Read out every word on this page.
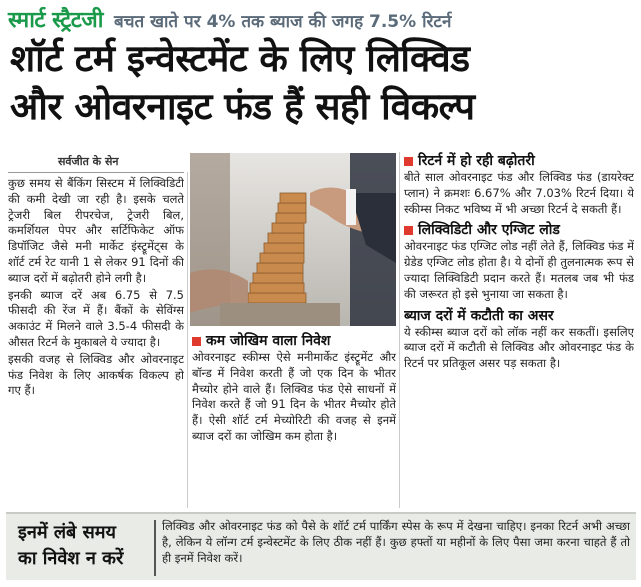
स्मार्ट स्ट्रैटजी बचत खाते पर 4% तक ब्याज की जगह 7.5% रिटर्न
शॉर्ट टर्म इन्वेस्टमेंट के लिए लिक्विड
और ओवरनाइट फंड हैं सही विकल्प
सर्वजीत के सेन

कुछ समय से बैंकिंग सिस्टम में लिक्विडिटी की कमी देखी जा रही है। इसके चलते ट्रेजरी बिल रीपरचेज, ट्रेजरी बिल, कमर्शियल पेपर और सर्टिफिकेट ऑफ डिपॉजिट जैसे मनी मार्केट इंस्ट्रूमेंट्स के शॉर्ट टर्म रेट यानी 1 से लेकर 91 दिनों की ब्याज दरों में बढ़ोतरी होने लगी है।

इनकी ब्याज दरें अब 6.75 से 7.5 फीसदी की रेंज में हैं। बैंकों के सेविंग्स अकाउंट में मिलने वाले 3.5-4 फीसदी के औसत रिटर्न के मुकाबले ये ज्यादा है।

इसकी वजह से लिक्विड और ओवरनाइट फंड निवेश के लिए आकर्षक विकल्प हो गए हैं।

कम जोखिम वाला निवेश

ओवरनाइट स्कीम्स ऐसे मनीमार्केट इंस्ट्रूमेंट और बॉन्ड में निवेश करती हैं जो एक दिन के भीतर मैच्योर होने वाले हैं। लिक्विड फंड ऐसे साधनों में निवेश करते हैं जो 91 दिन के भीतर मैच्योर होते हैं। ऐसी शॉर्ट टर्म मेच्योरिटी की वजह से इनमें ब्याज दरों का जोखिम कम होता है।

रिटर्न में हो रही बढ़ोतरी

बीते साल ओवरनाइट फंड और लिक्विड फंड (डायरेक्ट प्लान) ने क्रमशः 6.67% और 7.03% रिटर्न दिया। ये स्कीम्स निकट भविष्य में भी अच्छा रिटर्न दे सकती हैं।

लिक्विडिटी और एग्जिट लोड

ओवरनाइट फंड एग्जिट लोड नहीं लेते हैं, लिक्विड फंड में ग्रेडेड एग्जिट लोड होता है। ये दोनों ही तुलनात्मक रूप से ज्यादा लिक्विडिटी प्रदान करते हैं। मतलब जब भी फंड की जरूरत हो इसे भुनाया जा सकता है।

ब्याज दरों में कटौती का असर

ये स्कीम्स ब्याज दरों को लॉक नहीं कर सकतीं। इसलिए ब्याज दरों में कटौती से लिक्विड और ओवरनाइट फंड के रिटर्न पर प्रतिकूल असर पड़ सकता है।

इनमें लंबे समय
का निवेश न करें
लिक्विड और ओवरनाइट फंड को पैसे के शॉर्ट टर्म पार्किंग स्पेस के रूप में देखना चाहिए। इनका रिटर्न अभी अच्छा है, लेकिन ये लॉन्ग टर्म इन्वेस्टमेंट के लिए ठीक नहीं हैं। कुछ हफ्तों या महीनों के लिए पैसा जमा करना चाहते हैं तो ही इनमें निवेश करें।
